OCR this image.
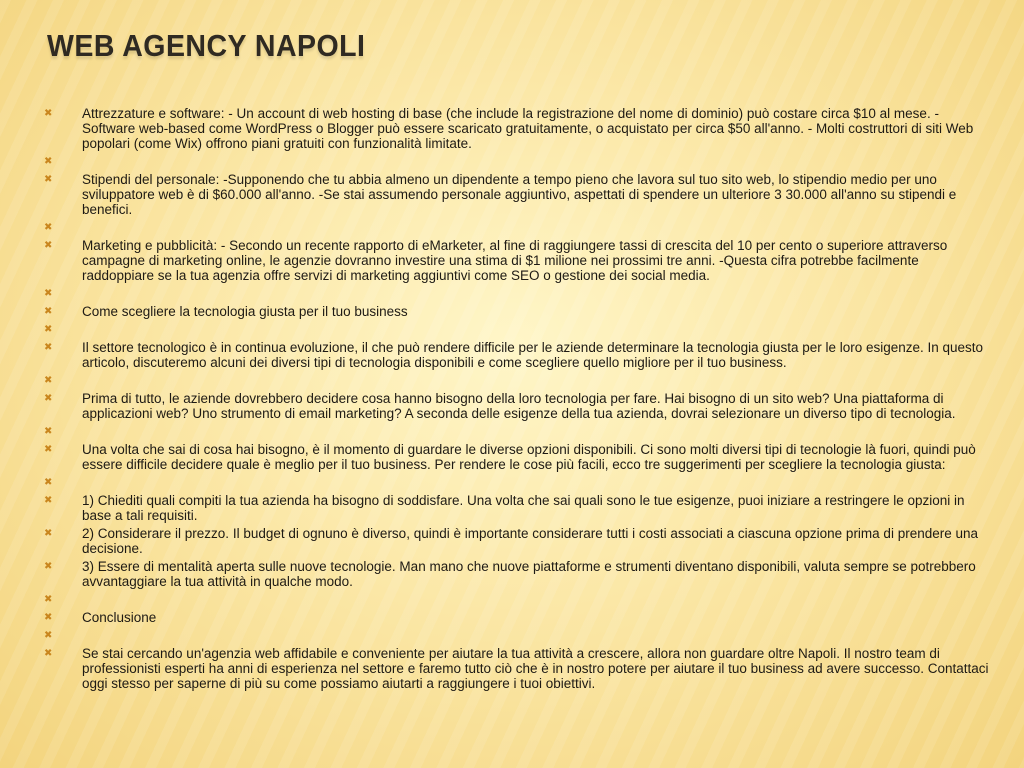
WEB AGENCY NAPOLI
✖ Attrezzature e software: - Un account di web hosting di base (che include la registrazione del nome di dominio) può costare circa $10 al mese. - Software web-based come WordPress o Blogger può essere scaricato gratuitamente, o acquistato per circa $50 all'anno. - Molti costruttori di siti Web popolari (come Wix) offrono piani gratuiti con funzionalità limitate.
✖
✖ Stipendi del personale: -Supponendo che tu abbia almeno un dipendente a tempo pieno che lavora sul tuo sito web, lo stipendio medio per uno sviluppatore web è di $60.000 all'anno. -Se stai assumendo personale aggiuntivo, aspettati di spendere un ulteriore 3 30.000 all'anno su stipendi e benefici.
✖
✖ Marketing e pubblicità: - Secondo un recente rapporto di eMarketer, al fine di raggiungere tassi di crescita del 10 per cento o superiore attraverso campagne di marketing online, le agenzie dovranno investire una stima di $1 milione nei prossimi tre anni. -Questa cifra potrebbe facilmente raddoppiare se la tua agenzia offre servizi di marketing aggiuntivi come SEO o gestione dei social media.
✖
✖ Come scegliere la tecnologia giusta per il tuo business
✖
✖ Il settore tecnologico è in continua evoluzione, il che può rendere difficile per le aziende determinare la tecnologia giusta per le loro esigenze. In questo articolo, discuteremo alcuni dei diversi tipi di tecnologia disponibili e come scegliere quello migliore per il tuo business.
✖
✖ Prima di tutto, le aziende dovrebbero decidere cosa hanno bisogno della loro tecnologia per fare. Hai bisogno di un sito web? Una piattaforma di applicazioni web? Uno strumento di email marketing? A seconda delle esigenze della tua azienda, dovrai selezionare un diverso tipo di tecnologia.
✖
✖ Una volta che sai di cosa hai bisogno, è il momento di guardare le diverse opzioni disponibili. Ci sono molti diversi tipi di tecnologie là fuori, quindi può essere difficile decidere quale è meglio per il tuo business. Per rendere le cose più facili, ecco tre suggerimenti per scegliere la tecnologia giusta:
✖
✖ 1) Chiediti quali compiti la tua azienda ha bisogno di soddisfare. Una volta che sai quali sono le tue esigenze, puoi iniziare a restringere le opzioni in base a tali requisiti.
✖ 2) Considerare il prezzo. Il budget di ognuno è diverso, quindi è importante considerare tutti i costi associati a ciascuna opzione prima di prendere una decisione.
✖ 3) Essere di mentalità aperta sulle nuove tecnologie. Man mano che nuove piattaforme e strumenti diventano disponibili, valuta sempre se potrebbero avvantaggiare la tua attività in qualche modo.
✖
✖ Conclusione
✖
✖ Se stai cercando un'agenzia web affidabile e conveniente per aiutare la tua attività a crescere, allora non guardare oltre Napoli. Il nostro team di professionisti esperti ha anni di esperienza nel settore e faremo tutto ciò che è in nostro potere per aiutare il tuo business ad avere successo. Contattaci oggi stesso per saperne di più su come possiamo aiutarti a raggiungere i tuoi obiettivi.
